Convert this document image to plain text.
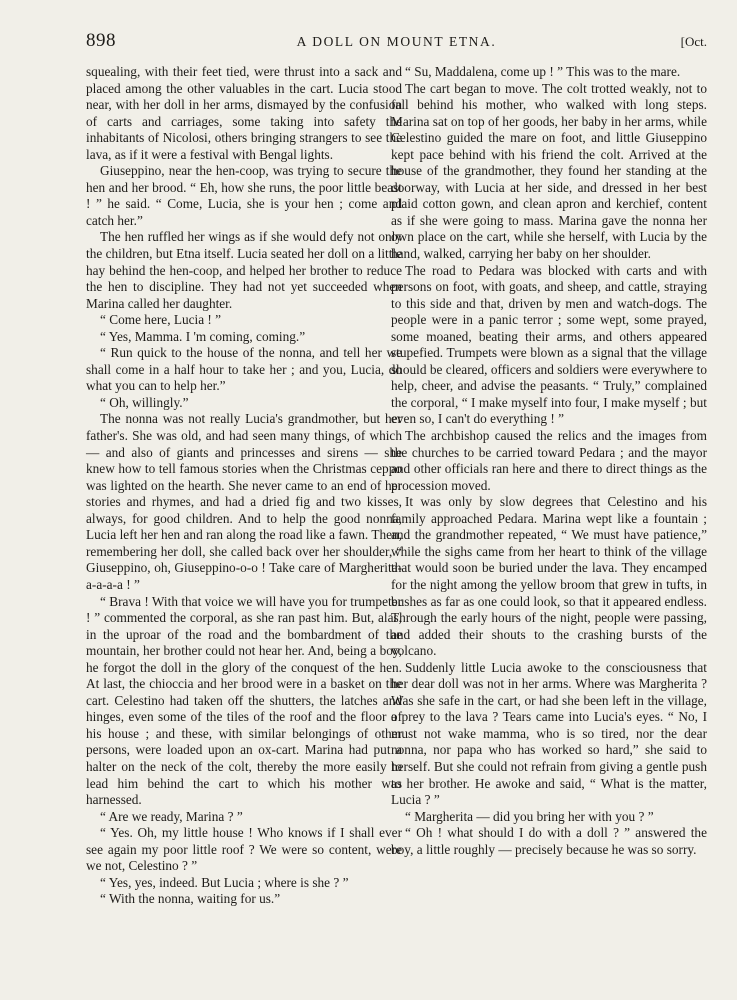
898	A DOLL ON MOUNT ETNA.	[Oct.

squealing, with their feet tied, were thrust into a sack and placed among the other valuables in the cart. Lucia stood near, with her doll in her arms, dismayed by the confusion of carts and carriages, some taking into safety the inhabitants of Nicolosi, others bringing strangers to see the lava, as if it were a festival with Bengal lights.

Giuseppino, near the hen-coop, was trying to secure the hen and her brood. “ Eh, how she runs, the poor little beast ! ” he said. “ Come, Lucia, she is your hen ; come and catch her.”

The hen ruffled her wings as if she would defy not only the children, but Etna itself. Lucia seated her doll on a little hay behind the hen-coop, and helped her brother to reduce the hen to discipline. They had not yet succeeded when Marina called her daughter.

“ Come here, Lucia ! ”

“ Yes, Mamma. I 'm coming, coming.”

“ Run quick to the house of the nonna, and tell her we shall come in a half hour to take her ; and you, Lucia, do what you can to help her.”

“ Oh, willingly.”

The nonna was not really Lucia's grandmother, but her father's. She was old, and had seen many things, of which — and also of giants and princesses and sirens — she knew how to tell famous stories when the Christmas ceppo was lighted on the hearth. She never came to an end of her stories and rhymes, and had a dried fig and two kisses, always, for good children. And to help the good nonna, Lucia left her hen and ran along the road like a fawn. Then, remembering her doll, she called back over her shoulder, “ Giuseppino, oh, Giuseppino-o-o ! Take care of Margherita-a-a-a-a ! ”

“ Brava ! With that voice we will have you for trumpeter ! ” commented the corporal, as she ran past him. But, alas, in the uproar of the road and the bombardment of the mountain, her brother could not hear her. And, being a boy, he forgot the doll in the glory of the conquest of the hen. At last, the chioccia and her brood were in a basket on the cart. Celestino had taken off the shutters, the latches and hinges, even some of the tiles of the roof and the floor of his house ; and these, with similar belongings of other persons, were loaded upon an ox-cart. Marina had put a halter on the neck of the colt, thereby the more easily to lead him behind the cart to which his mother was harnessed.

“ Are we ready, Marina ? ”

“ Yes. Oh, my little house ! Who knows if I shall ever see again my poor little roof ? We were so content, were we not, Celestino ? ”

“ Yes, yes, indeed. But Lucia ; where is she ? ”

“ With the nonna, waiting for us.”

“ Su, Maddalena, come up ! ” This was to the mare.

The cart began to move. The colt trotted weakly, not to fall behind his mother, who walked with long steps. Marina sat on top of her goods, her baby in her arms, while Celestino guided the mare on foot, and little Giuseppino kept pace behind with his friend the colt. Arrived at the house of the grandmother, they found her standing at the doorway, with Lucia at her side, and dressed in her best plaid cotton gown, and clean apron and kerchief, content as if she were going to mass. Marina gave the nonna her own place on the cart, while she herself, with Lucia by the hand, walked, carrying her baby on her shoulder.

The road to Pedara was blocked with carts and with persons on foot, with goats, and sheep, and cattle, straying to this side and that, driven by men and watch-dogs. The people were in a panic terror ; some wept, some prayed, some moaned, beating their arms, and others appeared stupefied. Trumpets were blown as a signal that the village should be cleared, officers and soldiers were everywhere to help, cheer, and advise the peasants. “ Truly,” complained the corporal, “ I make myself into four, I make myself ; but even so, I can't do everything ! ”

The archbishop caused the relics and the images from the churches to be carried toward Pedara ; and the mayor and other officials ran here and there to direct things as the procession moved.

It was only by slow degrees that Celestino and his family approached Pedara. Marina wept like a fountain ; and the grandmother repeated, “ We must have patience,” while the sighs came from her heart to think of the village that would soon be buried under the lava. They encamped for the night among the yellow broom that grew in tufts, in bushes as far as one could look, so that it appeared endless. Through the early hours of the night, people were passing, and added their shouts to the crashing bursts of the volcano.

Suddenly little Lucia awoke to the consciousness that her dear doll was not in her arms. Where was Margherita ? Was she safe in the cart, or had she been left in the village, a prey to the lava ? Tears came into Lucia's eyes. “ No, I must not wake mamma, who is so tired, nor the dear nonna, nor papa who has worked so hard,” she said to herself. But she could not refrain from giving a gentle push to her brother. He awoke and said, “ What is the matter, Lucia ? ”

“ Margherita — did you bring her with you ? ”

“ Oh ! what should I do with a doll ? ” answered the boy, a little roughly — precisely because he was so sorry.
